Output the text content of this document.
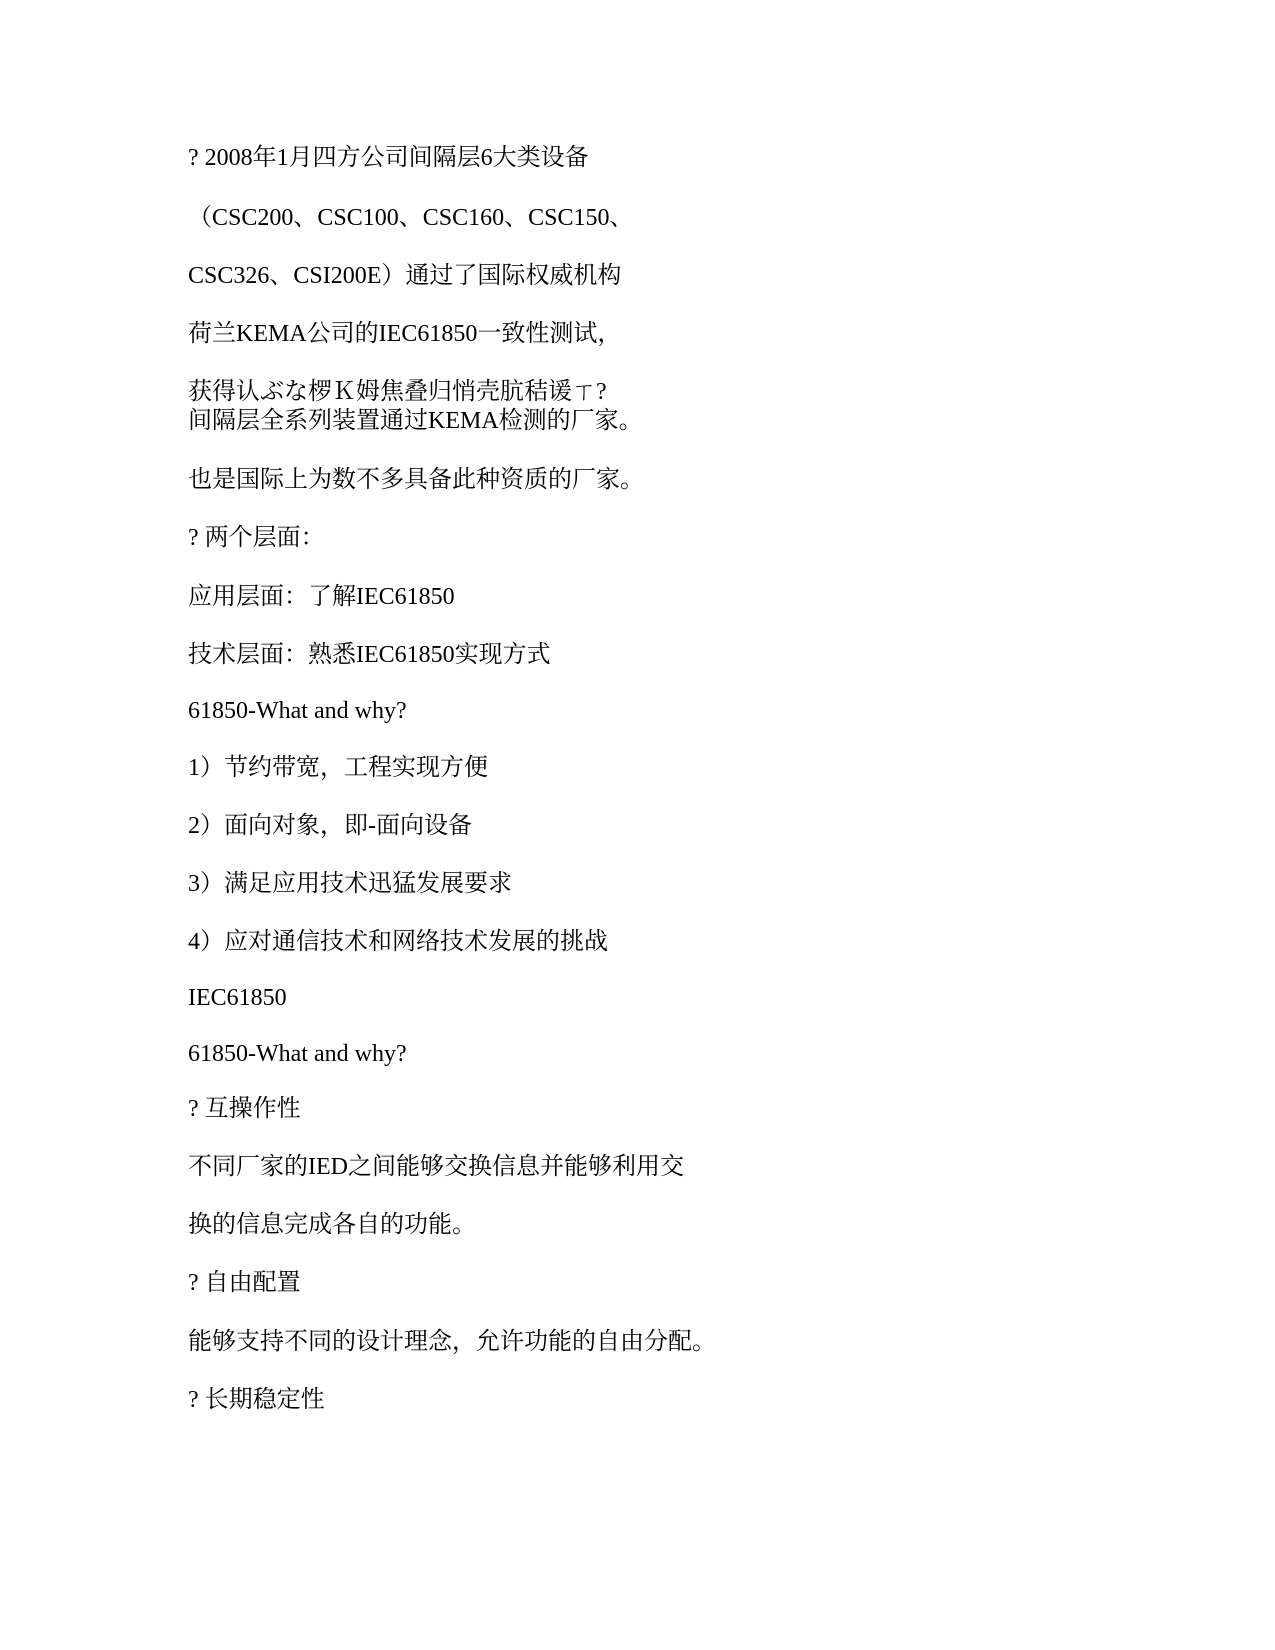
? 2008年1月四方公司间隔层6大类设备

（CSC200、CSC100、CSC160、CSC150、

CSC326、CSI200E）通过了国际权威机构

荷兰KEMA公司的IEC61850一致性测试，

获得认ぶな椤Ｋ姆焦叠归悄壳肮秸谖ㄒ?

间隔层全系列装置通过KEMA检测的厂家。

也是国际上为数不多具备此种资质的厂家。

? 两个层面：

应用层面：了解IEC61850

技术层面：熟悉IEC61850实现方式

61850-What and why?

1）节约带宽，工程实现方便

2）面向对象，即-面向设备

3）满足应用技术迅猛发展要求

4）应对通信技术和网络技术发展的挑战

IEC61850

61850-What and why?

? 互操作性

不同厂家的IED之间能够交换信息并能够利用交

换的信息完成各自的功能。

? 自由配置

能够支持不同的设计理念，允许功能的自由分配。

? 长期稳定性
